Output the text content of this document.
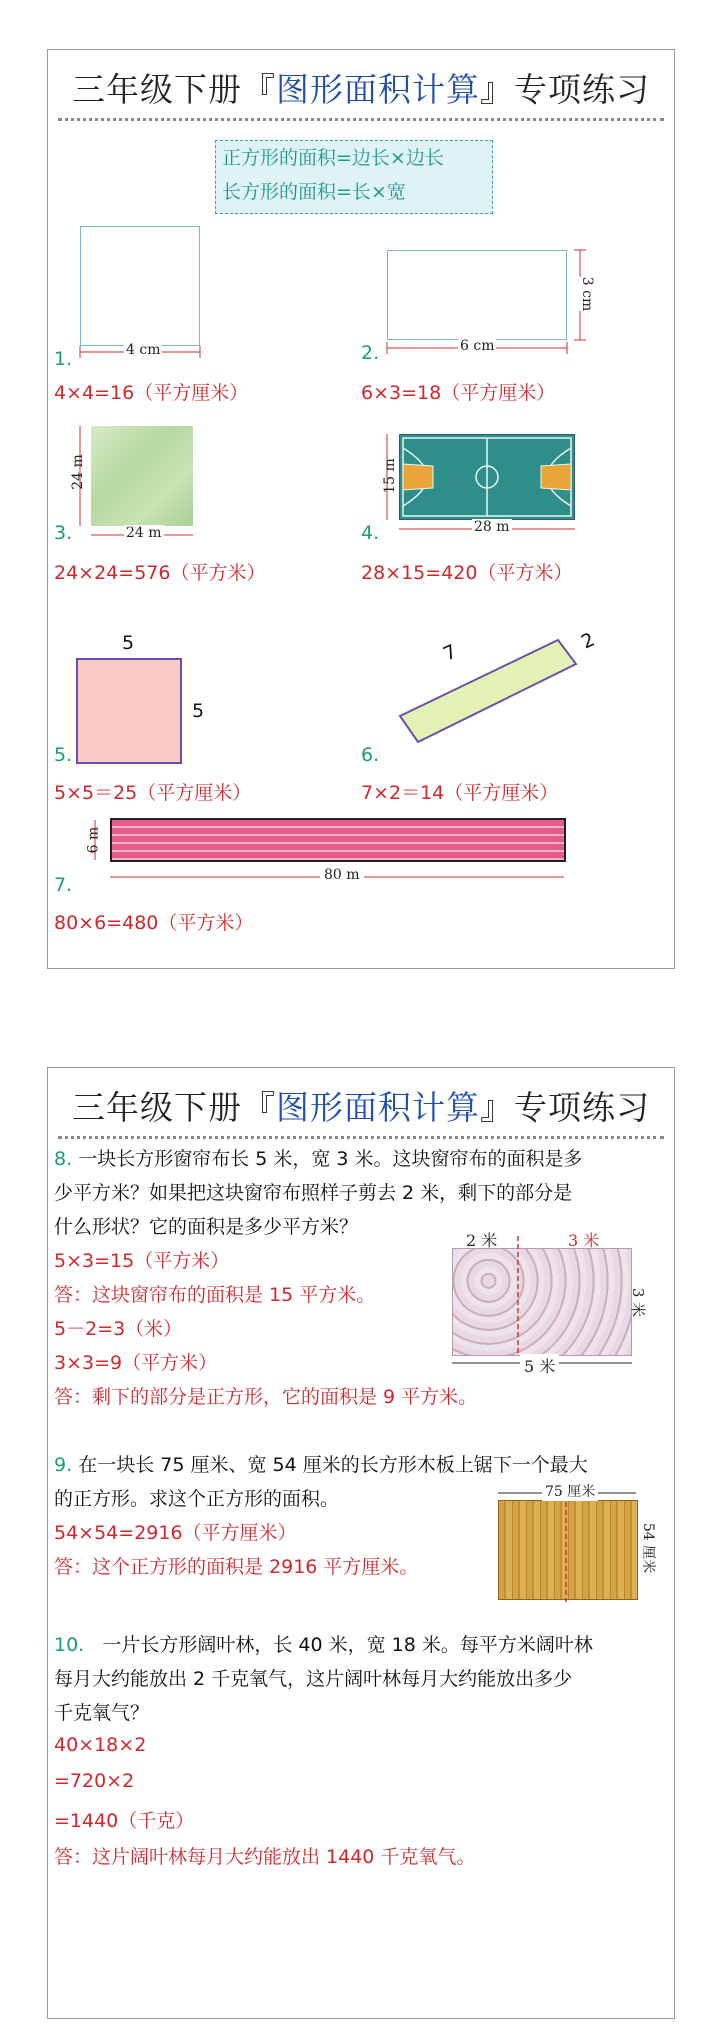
三年级下册『图形面积计算』专项练习
正方形的面积=边长×边长
长方形的面积=长×宽
4 cm
1.
4×4=16（平方厘米）
6 cm
3 cm
2.
6×3=18（平方厘米）
24 m
24 m
3.
24×24=576（平方米）
15 m
28 m
4.
28×15=420（平方米）
5
5
5.
5×5＝25（平方厘米）
7	2
6.
7×2＝14（平方厘米）
6 m
80 m
7.
80×6=480（平方米）
三年级下册『图形面积计算』专项练习
8. 一块长方形窗帘布长 5 米，宽 3 米。这块窗帘布的面积是多
少平方米？如果把这块窗帘布照样子剪去 2 米，剩下的部分是
什么形状？它的面积是多少平方米？
2 米	3 米
3 米
5 米
5×3=15（平方米）
答：这块窗帘布的面积是 15 平方米。
5－2=3（米）
3×3=9（平方米）
答：剩下的部分是正方形，它的面积是 9 平方米。
9. 在一块长 75 厘米、宽 54 厘米的长方形木板上锯下一个最大
的正方形。求这个正方形的面积。	75 厘米
54 厘米
54×54=2916（平方厘米）
答：这个正方形的面积是 2916 平方厘米。
10. 一片长方形阔叶林，长 40 米，宽 18 米。每平方米阔叶林
每月大约能放出 2 千克氧气，这片阔叶林每月大约能放出多少
千克氧气？
40×18×2
=720×2
=1440（千克）
答：这片阔叶林每月大约能放出 1440 千克氧气。
